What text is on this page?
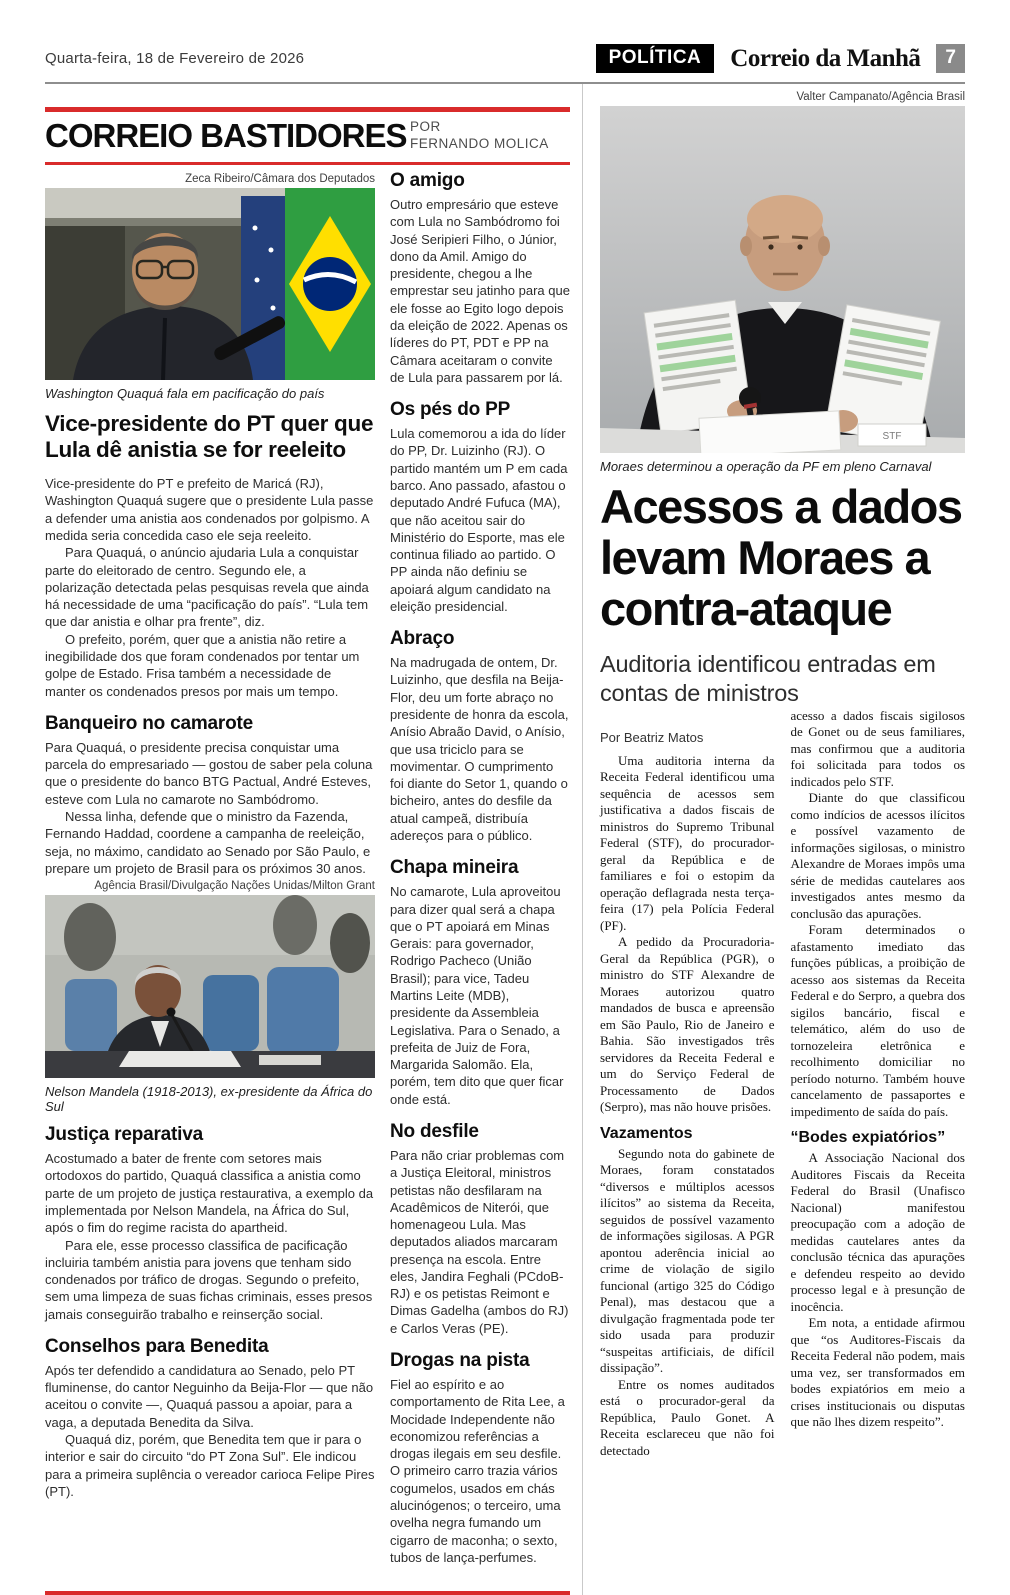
Quarta-feira, 18 de Fevereiro de 2026	POLÍTICA	Correio da Manhã	7
CORREIO BASTIDORES POR
FERNANDO MOLICA
Zeca Ribeiro/Câmara dos Deputados
Washington Quaquá fala em pacificação do país
Vice-presidente do PT quer que Lula dê anistia se for reeleito

Vice-presidente do PT e prefeito de Maricá (RJ), Washington Quaquá sugere que o presidente Lula passe a defender uma anistia aos condenados por golpismo. A medida seria concedida caso ele seja reeleito.

Para Quaquá, o anúncio ajudaria Lula a conquistar parte do eleitorado de centro. Segundo ele, a polarização detectada pelas pesquisas revela que ainda há necessidade de uma “pacificação do país”. “Lula tem que dar anistia e olhar pra frente”, diz.

O prefeito, porém, quer que a anistia não retire a inegibilidade dos que foram condenados por tentar um golpe de Estado. Frisa também a necessidade de manter os condenados presos por mais um tempo.

Banqueiro no camarote

Para Quaquá, o presidente precisa conquistar uma parcela do empresariado — gostou de saber pela coluna que o presidente do banco BTG Pactual, André Esteves, esteve com Lula no camarote no Sambódromo.

Nessa linha, defende que o ministro da Fazenda, Fernando Haddad, coordene a campanha de reeleição, seja, no máximo, candidato ao Senado por São Paulo, e prepare um projeto de Brasil para os próximos 30 anos.

Agência Brasil/Divulgação Nações Unidas/Milton Grant
Nelson Mandela (1918-2013), ex-presidente da África do Sul
Justiça reparativa

Acostumado a bater de frente com setores mais ortodoxos do partido, Quaquá classifica a anistia como parte de um projeto de justiça restaurativa, a exemplo da implementada por Nelson Mandela, na África do Sul, após o fim do regime racista do apartheid.

Para ele, esse processo classifica de pacificação incluiria também anistia para jovens que tenham sido condenados por tráfico de drogas. Segundo o prefeito, sem uma limpeza de suas fichas criminais, esses presos jamais conseguirão trabalho e reinserção social.

Conselhos para Benedita

Após ter defendido a candidatura ao Senado, pelo PT fluminense, do cantor Neguinho da Beija-Flor — que não aceitou o convite —, Quaquá passou a apoiar, para a vaga, a deputada Benedita da Silva.

Quaquá diz, porém, que Benedita tem que ir para o interior e sair do circuito “do PT Zona Sul”. Ele indicou para a primeira suplência o vereador carioca Felipe Pires (PT).

O amigo

Outro empresário que esteve com Lula no Sambódromo foi José Seripieri Filho, o Júnior, dono da Amil. Amigo do presidente, chegou a lhe emprestar seu jatinho para que ele fosse ao Egito logo depois da eleição de 2022. Apenas os líderes do PT, PDT e PP na Câmara aceitaram o convite de Lula para passarem por lá.

Os pés do PP

Lula comemorou a ida do líder do PP, Dr. Luizinho (RJ). O partido mantém um P em cada barco. Ano passado, afastou o deputado André Fufuca (MA), que não aceitou sair do Ministério do Esporte, mas ele continua filiado ao partido. O PP ainda não definiu se apoiará algum candidato na eleição presidencial.

Abraço

Na madrugada de ontem, Dr. Luizinho, que desfila na Beija-Flor, deu um forte abraço no presidente de honra da escola, Anísio Abraão David, o Anísio, que usa triciclo para se movimentar. O cumprimento foi diante do Setor 1, quando o bicheiro, antes do desfile da atual campeã, distribuía adereços para o público.

Chapa mineira

No camarote, Lula aproveitou para dizer qual será a chapa que o PT apoiará em Minas Gerais: para governador, Rodrigo Pacheco (União Brasil); para vice, Tadeu Martins Leite (MDB), presidente da Assembleia Legislativa. Para o Senado, a prefeita de Juiz de Fora, Margarida Salomão. Ela, porém, tem dito que quer ficar onde está.

No desfile

Para não criar problemas com a Justiça Eleitoral, ministros petistas não desfilaram na Acadêmicos de Niterói, que homenageou Lula. Mas deputados aliados marcaram presença na escola. Entre eles, Jandira Feghali (PCdoB-RJ) e os petistas Reimont e Dimas Gadelha (ambos do RJ) e Carlos Veras (PE).

Drogas na pista

Fiel ao espírito e ao comportamento de Rita Lee, a Mocidade Independente não economizou referências a drogas ilegais em seu desfile. O primeiro carro trazia vários cogumelos, usados em chás alucinógenos; o terceiro, uma ovelha negra fumando um cigarro de maconha; o sexto, tubos de lança-perfumes.

Valter Campanato/Agência Brasil
STF
Moraes determinou a operação da PF em pleno Carnaval
Acessos a dados levam Moraes a contra-ataque
Auditoria identificou entradas em contas de ministros
Por Beatriz Matos

Uma auditoria interna da Receita Federal identificou uma sequência de acessos sem justificativa a dados fiscais de ministros do Supremo Tribunal Federal (STF), do procurador-geral da República e de familiares e foi o estopim da operação deflagrada nesta terça-feira (17) pela Polícia Federal (PF).

A pedido da Procuradoria-Geral da República (PGR), o ministro do STF Alexandre de Moraes autorizou quatro mandados de busca e apreensão em São Paulo, Rio de Janeiro e Bahia. São investigados três servidores da Receita Federal e um do Serviço Federal de Processamento de Dados (Serpro), mas não houve prisões.

Vazamentos

Segundo nota do gabinete de Moraes, foram constatados “diversos e múltiplos acessos ilícitos” ao sistema da Receita, seguidos de possível vazamento de informações sigilosas. A PGR apontou aderência inicial ao crime de violação de sigilo funcional (artigo 325 do Código Penal), mas destacou que a divulgação fragmentada pode ter sido usada para produzir “suspeitas artificiais, de difícil dissipação”.

Entre os nomes auditados está o procurador-geral da República, Paulo Gonet. A Receita esclareceu que não foi detectado

acesso a dados fiscais sigilosos de Gonet ou de seus familiares, mas confirmou que a auditoria foi solicitada para todos os indicados pelo STF.

Diante do que classificou como indícios de acessos ilícitos e possível vazamento de informações sigilosas, o ministro Alexandre de Moraes impôs uma série de medidas cautelares aos investigados antes mesmo da conclusão das apurações.

Foram determinados o afastamento imediato das funções públicas, a proibição de acesso aos sistemas da Receita Federal e do Serpro, a quebra dos sigilos bancário, fiscal e telemático, além do uso de tornozeleira eletrônica e recolhimento domiciliar no período noturno. Também houve cancelamento de passaportes e impedimento de saída do país.

“Bodes expiatórios”

A Associação Nacional dos Auditores Fiscais da Receita Federal do Brasil (Unafisco Nacional) manifestou preocupação com a adoção de medidas cautelares antes da conclusão técnica das apurações e defendeu respeito ao devido processo legal e à presunção de inocência.

Em nota, a entidade afirmou que “os Auditores-Fiscais da Receita Federal não podem, mais uma vez, ser transformados em bodes expiatórios em meio a crises institucionais ou disputas que não lhes dizem respeito”.
